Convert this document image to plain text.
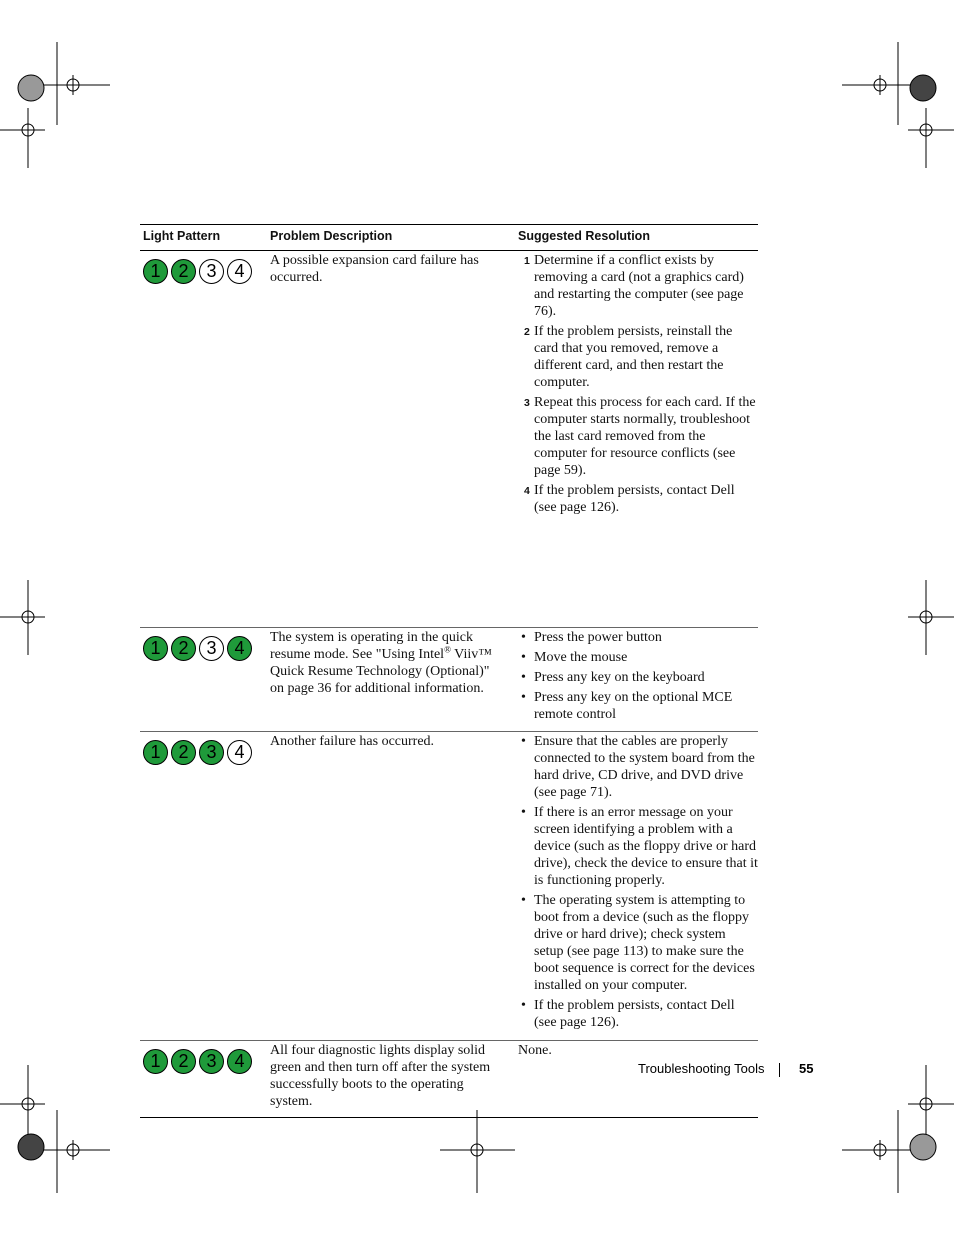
Light Pattern	Problem Description	Suggested Resolution
1 2 3 4
A possible expansion card failure has occurred.
1 Determine if a conflict exists by removing a card (not a graphics card) and restarting the computer (see page 76).
2 If the problem persists, reinstall the card that you removed, remove a different card, and then restart the computer.
3 Repeat this process for each card. If the computer starts normally, troubleshoot the last card removed from the computer for resource conflicts (see page 59).
4 If the problem persists, contact Dell (see page 126).
1 2 3 4
The system is operating in the quick resume mode. See "Using Intel® Viiv™ Quick Resume Technology (Optional)" on page 36 for additional information.
• Press the power button
• Move the mouse
• Press any key on the keyboard
• Press any key on the optional MCE remote control
1 2 3 4
Another failure has occurred.
•	Ensure that the cables are properly connected to the system board from the hard drive, CD drive, and DVD drive (see page 71).
• If there is an error message on your screen identifying a problem with a device (such as the floppy drive or hard drive), check the device to ensure that it is functioning properly.
• The operating system is attempting to boot from a device (such as the floppy drive or hard drive); check system setup (see page 113) to make sure the boot sequence is correct for the devices installed on your computer.
• If the problem persists, contact Dell (see page 126).
1 2 3 4
All four diagnostic lights display solid green and then turn off after the system successfully boots to the operating system.
None.
Troubleshooting Tools	55
